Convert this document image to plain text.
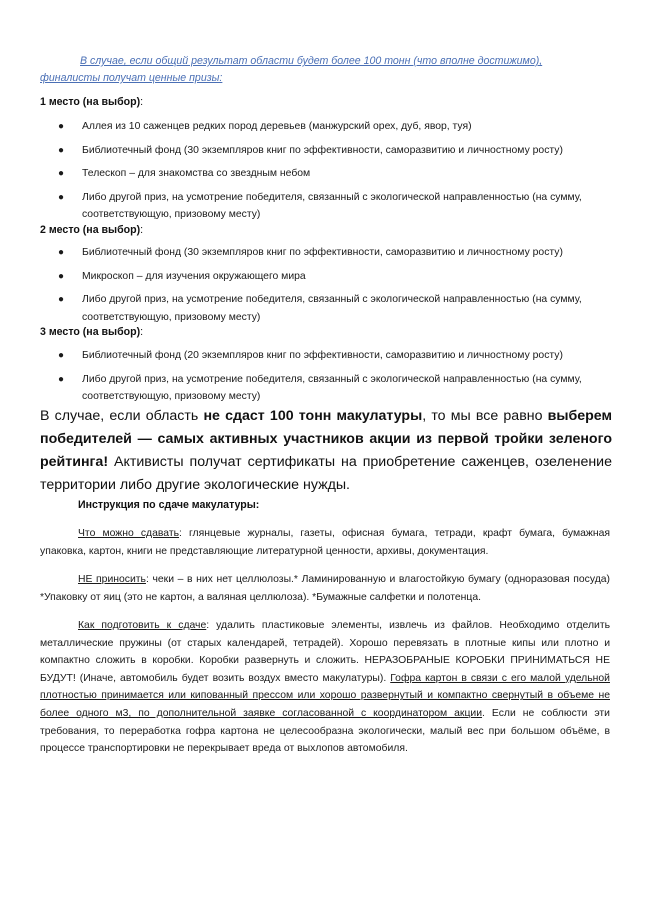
В случае, если общий результат области будет более 100 тонн (что вполне достижимо),
финалисты получат ценные призы:
1 место (на выбор):
● Аллея из 10 саженцев редких пород деревьев (манжурский орех, дуб, явор, туя)
● Библиотечный фонд (30 экземпляров книг по эффективности, саморазвитию и личностному росту)
● Телескоп – для знакомства со звездным небом
● Либо другой приз, на усмотрение победителя, связанный с экологической направленностью (на сумму, соответствующую, призовому месту)
2 место (на выбор):
● Библиотечный фонд (30 экземпляров книг по эффективности, саморазвитию и личностному росту)
● Микроскоп – для изучения окружающего мира
● Либо другой приз, на усмотрение победителя, связанный с экологической направленностью (на сумму, соответствующую, призовому месту)
3 место (на выбор):
● Библиотечный фонд (20 экземпляров книг по эффективности, саморазвитию и личностному росту)
● Либо другой приз, на усмотрение победителя, связанный с экологической направленностью (на сумму, соответствующую, призовому месту)
В случае, если область не сдаст 100 тонн макулатуры, то мы все равно выберем победителей — самых активных участников акции из первой тройки зеленого рейтинга! Активисты получат сертификаты на приобретение саженцев, озеленение территории либо другие экологические нужды.
Инструкция по сдаче макулатуры:
Что можно сдавать: глянцевые журналы, газеты, офисная бумага, тетради, крафт бумага, бумажная упаковка, картон, книги не представляющие литературной ценности, архивы, документация.
НЕ приносить: чеки – в них нет целлюлозы.* Ламинированную и влагостойкую бумагу (одноразовая посуда) *Упаковку от яиц (это не картон, а валяная целлюлоза). *Бумажные салфетки и полотенца.
Как подготовить к сдаче: удалить пластиковые элементы, извлечь из файлов. Необходимо отделить металлические пружины (от старых календарей, тетрадей). Хорошо перевязать в плотные кипы или плотно и компактно сложить в коробки. Коробки развернуть и сложить. НЕРАЗОБРАНЫЕ КОРОБКИ ПРИНИМАТЬСЯ НЕ БУДУТ! (Иначе, автомобиль будет возить воздух вместо макулатуры). Гофра картон в связи с его малой удельной плотностью принимается или кипованный прессом или хорошо развернутый и компактно свернутый в объеме не более одного м3, по дополнительной заявке согласованной с координатором акции. Если не соблюсти эти требования, то переработка гофра картона не целесообразна экологически, малый вес при большом объёме, в процессе транспортировки не перекрывает вреда от выхлопов автомобиля.
